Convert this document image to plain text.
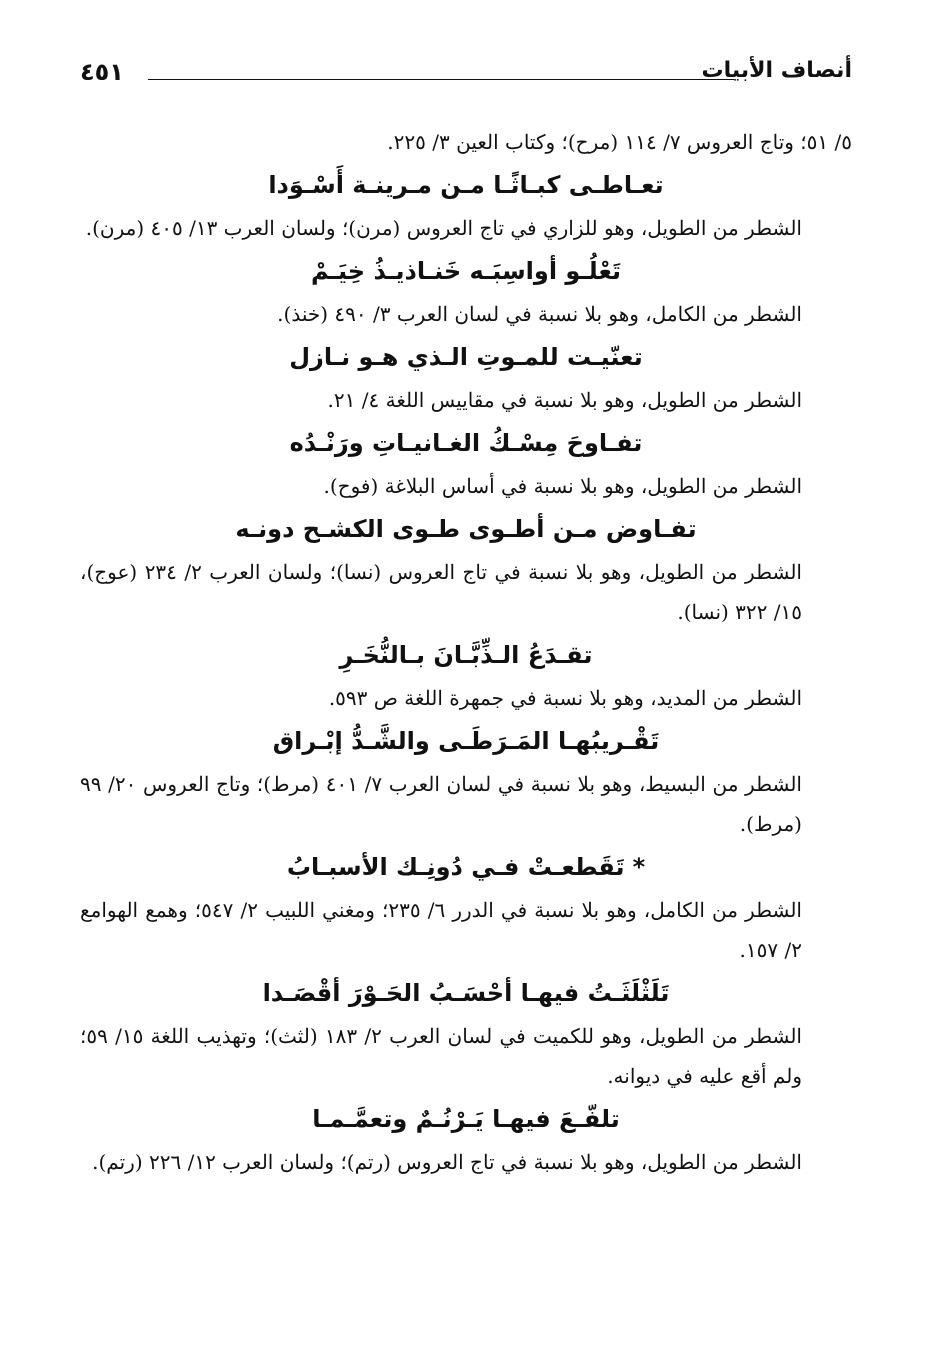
أنصاف الأبيات
٤٥١

٥/ ٥١؛ وتاج العروس ٧/ ١١٤ (مرح)؛ وكتاب العين ٣/ ٢٢٥.

تعـاطـى كبـاثًـا مـن مـرينـة أَسْـوَدا

الشطر من الطويل، وهو للزاري في تاج العروس (مرن)؛ ولسان العرب ١٣/ ٤٠٥ (مرن).

تَعْلُـو أواسِبَـه خَنـاذيـذُ خِيَـمْ

الشطر من الكامل، وهو بلا نسبة في لسان العرب ٣/ ٤٩٠ (خنذ).

تعنّيـت للمـوتِ الـذي هـو نـازل

الشطر من الطويل، وهو بلا نسبة في مقاييس اللغة ٤/ ٢١.

تفـاوحَ مِسْـكُ الغـانيـاتِ ورَنْـدُه

الشطر من الطويل، وهو بلا نسبة في أساس البلاغة (فوح).

تفـاوض مـن أطـوى طـوى الكشـح دونـه

الشطر من الطويل، وهو بلا نسبة في تاج العروس (نسا)؛ ولسان العرب ٢/ ٢٣٤ (عوج)، ١٥/ ٣٢٢ (نسا).

تقـدَعُ الـذِّبَّـانَ بـالنُّخَـرِ

الشطر من المديد، وهو بلا نسبة في جمهرة اللغة ص ٥٩٣.

تَقْـريبُهـا المَـرَطَـى والشَّـدُّ إبْـراق

الشطر من البسيط، وهو بلا نسبة في لسان العرب ٧/ ٤٠١ (مرط)؛ وتاج العروس ٢٠/ ٩٩ (مرط).

*تَقَطعـتْ فـي دُونِـك الأسبـابُ

الشطر من الكامل، وهو بلا نسبة في الدرر ٦/ ٢٣٥؛ ومغني اللبيب ٢/ ٥٤٧؛ وهمع الهوامع ٢/ ١٥٧.

تَلَثْلَثَـتُ فيهـا أحْسَـبُ الحَـوْرَ أقْصَـدا

الشطر من الطويل، وهو للكميت في لسان العرب ٢/ ١٨٣ (لثث)؛ وتهذيب اللغة ١٥/ ٥٩؛ ولم أقع عليه في ديوانه.

تلفّـعَ فيهـا يَـرْنُـمٌ وتعمَّـمـا

الشطر من الطويل، وهو بلا نسبة في تاج العروس (رتم)؛ ولسان العرب ١٢/ ٢٢٦ (رتم).
